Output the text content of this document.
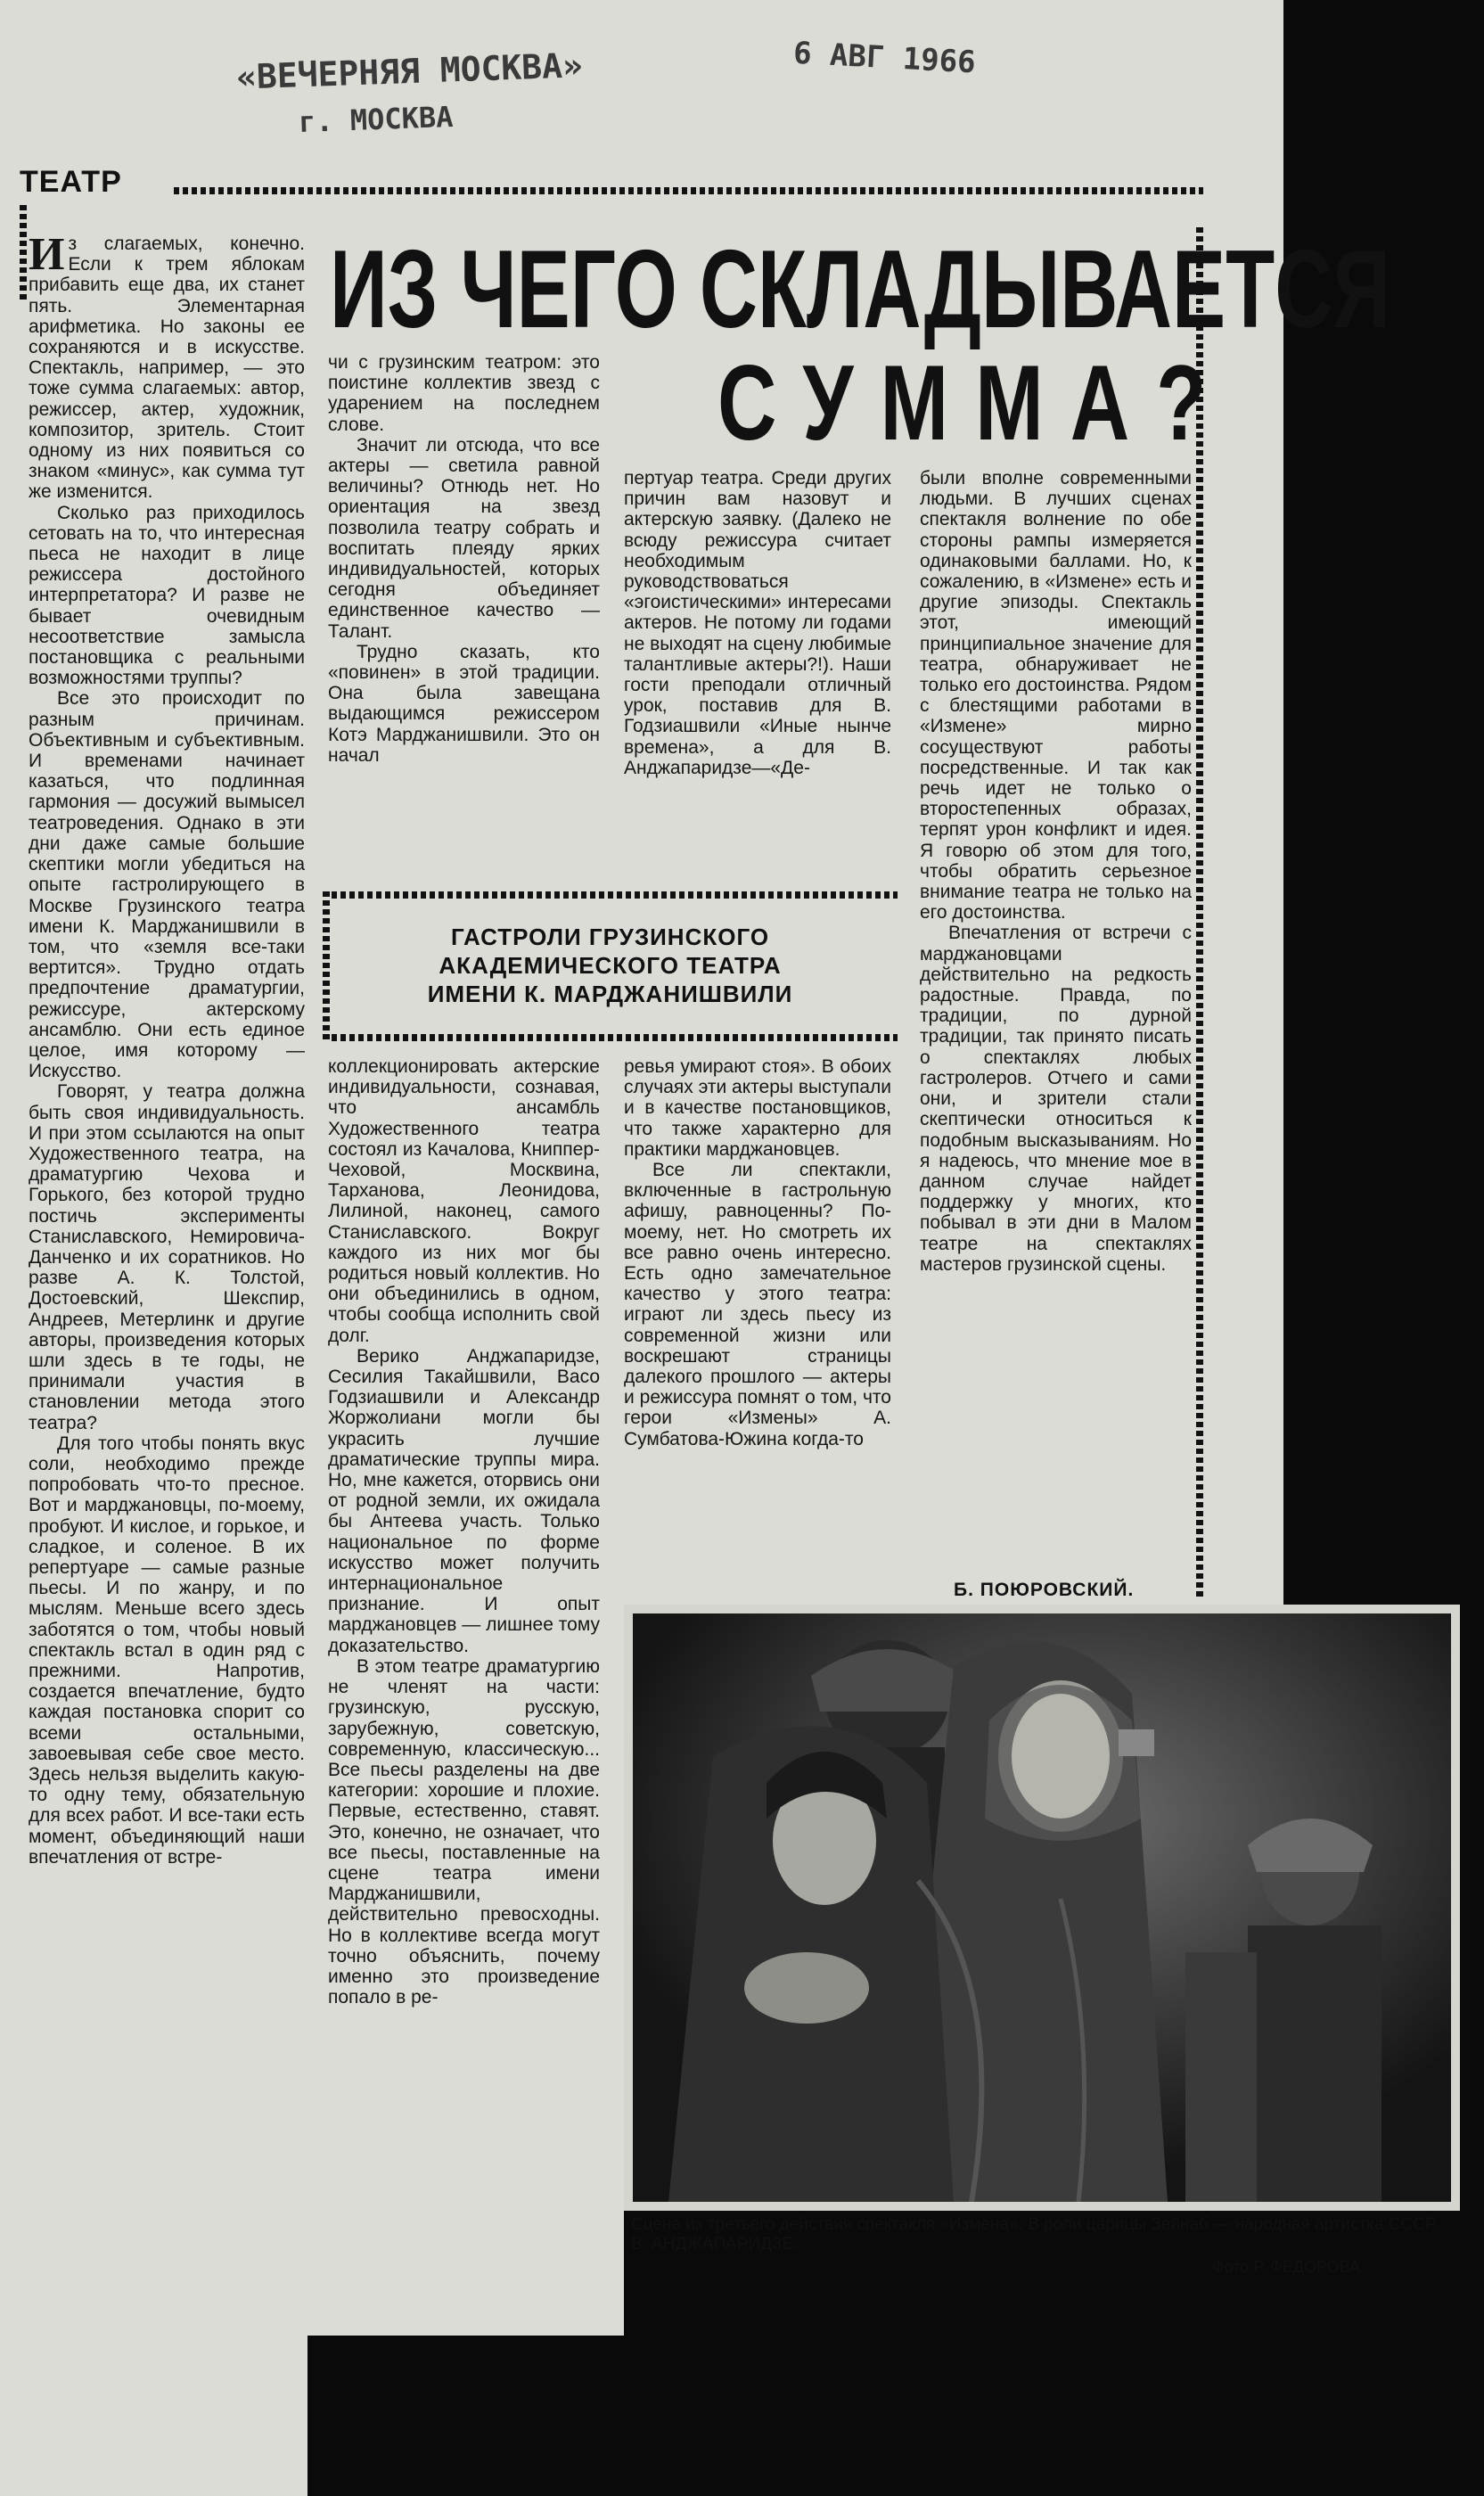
«ВЕЧЕРНЯЯ МОСКВА»
г. МОСКВА
6 АВГ 1966
ТЕАТР
ИЗ ЧЕГО СКЛАДЫВАЕТСЯ
СУММА?

Из слагаемых, конечно. Если к трем яблокам прибавить еще два, их станет пять. Элементарная арифметика. Но законы ее сохраняются и в искусстве. Спектакль, например, — это тоже сумма слагаемых: автор, режиссер, актер, художник, композитор, зритель. Стоит одному из них появиться со знаком «минус», как сумма тут же изменится.

Сколько раз приходилось сетовать на то, что интересная пьеса не находит в лице режиссера достойного интерпретатора? И разве не бывает очевидным несоответствие замысла постановщика с реальными возможностями труппы?

Все это происходит по разным причинам. Объективным и субъективным. И временами начинает казаться, что подлинная гармония — досужий вымысел театроведения. Однако в эти дни даже самые большие скептики могли убедиться на опыте гастролирующего в Москве Грузинского театра имени К. Марджанишвили в том, что «земля все-таки вертится». Трудно отдать предпочтение драматургии, режиссуре, актерскому ансамблю. Они есть единое целое, имя которому — Искусство.

Говорят, у театра должна быть своя индивидуальность. И при этом ссылаются на опыт Художественного театра, на драматургию Чехова и Горького, без которой трудно постичь эксперименты Станиславского, Немировича-Данченко и их соратников. Но разве А. К. Толстой, Достоевский, Шекспир, Андреев, Метерлинк и другие авторы, произведения которых шли здесь в те годы, не принимали участия в становлении метода этого театра?

Для того чтобы понять вкус соли, необходимо прежде попробовать что-то пресное. Вот и марджановцы, по-моему, пробуют. И кислое, и горькое, и сладкое, и соленое. В их репертуаре — самые разные пьесы. И по жанру, и по мыслям. Меньше всего здесь заботятся о том, чтобы новый спектакль встал в один ряд с прежними. Напротив, создается впечатление, будто каждая постановка спорит со всеми остальными, завоевывая себе свое место. Здесь нельзя выделить какую-то одну тему, обязательную для всех работ. И все-таки есть момент, объединяющий наши впечатления от встре-

чи с грузинским театром: это поистине коллектив звезд с ударением на последнем слове.

Значит ли отсюда, что все актеры — светила равной величины? Отнюдь нет. Но ориентация на звезд позволила театру собрать и воспитать плеяду ярких индивидуальностей, которых сегодня объединяет единственное качество — Талант.

Трудно сказать, кто «повинен» в этой традиции. Она была завещана выдающимся режиссером Котэ Марджанишвили. Это он начал

пертуар театра. Среди других причин вам назовут и актерскую заявку. (Далеко не всюду режиссура считает необходимым руководствоваться «эгоистическими» интересами актеров. Не потому ли годами не выходят на сцену любимые талантливые актеры?!). Наши гости преподали отличный урок, поставив для В. Годзиашвили «Иные нынче времена», а для В. Анджапаридзе—«Де-

были вполне современными людьми. В лучших сценах спектакля волнение по обе стороны рампы измеряется одинаковыми баллами. Но, к сожалению, в «Измене» есть и другие эпизоды. Спектакль этот, имеющий принципиальное значение для театра, обнаруживает не только его достоинства. Рядом с блестящими работами в «Измене» мирно сосуществуют работы посредственные. И так как речь идет не только о второстепенных образах, терпят урон конфликт и идея. Я говорю об этом для того, чтобы обратить серьезное внимание театра не только на его достоинства.

Впечатления от встречи с марджановцами действительно на редкость радостные. Правда, по традиции, по дурной традиции, так принято писать о спектаклях любых гастролеров. Отчего и сами они, и зрители стали скептически относиться к подобным высказываниям. Но я надеюсь, что мнение мое в данном случае найдет поддержку у многих, кто побывал в эти дни в Малом театре на спектаклях мастеров грузинской сцены.

ГАСТРОЛИ ГРУЗИНСКОГО
АКАДЕМИЧЕСКОГО ТЕАТРА
ИМЕНИ К. МАРДЖАНИШВИЛИ

коллекционировать актерские индивидуальности, сознавая, что ансамбль Художественного театра состоял из Качалова, Книппер-Чеховой, Москвина, Тарханова, Леонидова, Лилиной, наконец, самого Станиславского. Вокруг каждого из них мог бы родиться новый коллектив. Но они объединились в одном, чтобы сообща исполнить свой долг.

Верико Анджапаридзе, Сесилия Такайшвили, Васо Годзиашвили и Александр Жоржолиани могли бы украсить лучшие драматические труппы мира. Но, мне кажется, оторвись они от родной земли, их ожидала бы Антеева участь. Только национальное по форме искусство может получить интернациональное признание. И опыт марджановцев — лишнее тому доказательство.

В этом театре драматургию не членят на части: грузинскую, русскую, зарубежную, советскую, современную, классическую... Все пьесы разделены на две категории: хорошие и плохие. Первые, естественно, ставят. Это, конечно, не означает, что все пьесы, поставленные на сцене театра имени Марджанишвили, действительно превосходны. Но в коллективе всегда могут точно объяснить, почему именно это произведение попало в ре-

ревья умирают стоя». В обоих случаях эти актеры выступали и в качестве постановщиков, что также характерно для практики марджановцев.

Все ли спектакли, включенные в гастрольную афишу, равноценны? По-моему, нет. Но смотреть их все равно очень интересно. Есть одно замечательное качество у этого театра: играют ли здесь пьесу из современной жизни или воскрешают страницы далекого прошлого — актеры и режиссура помнят о том, что герои «Измены» А. Сумбатова-Южина когда-то

Б. ПОЮРОВСКИЙ.
Сцена из третьего действия спектакля «Измена». В роли царицы Зейнаб — народная артистка СССР В. АНДЖАПАРИДЗЕ.
Фото Р. ФЕДОРОВА.
